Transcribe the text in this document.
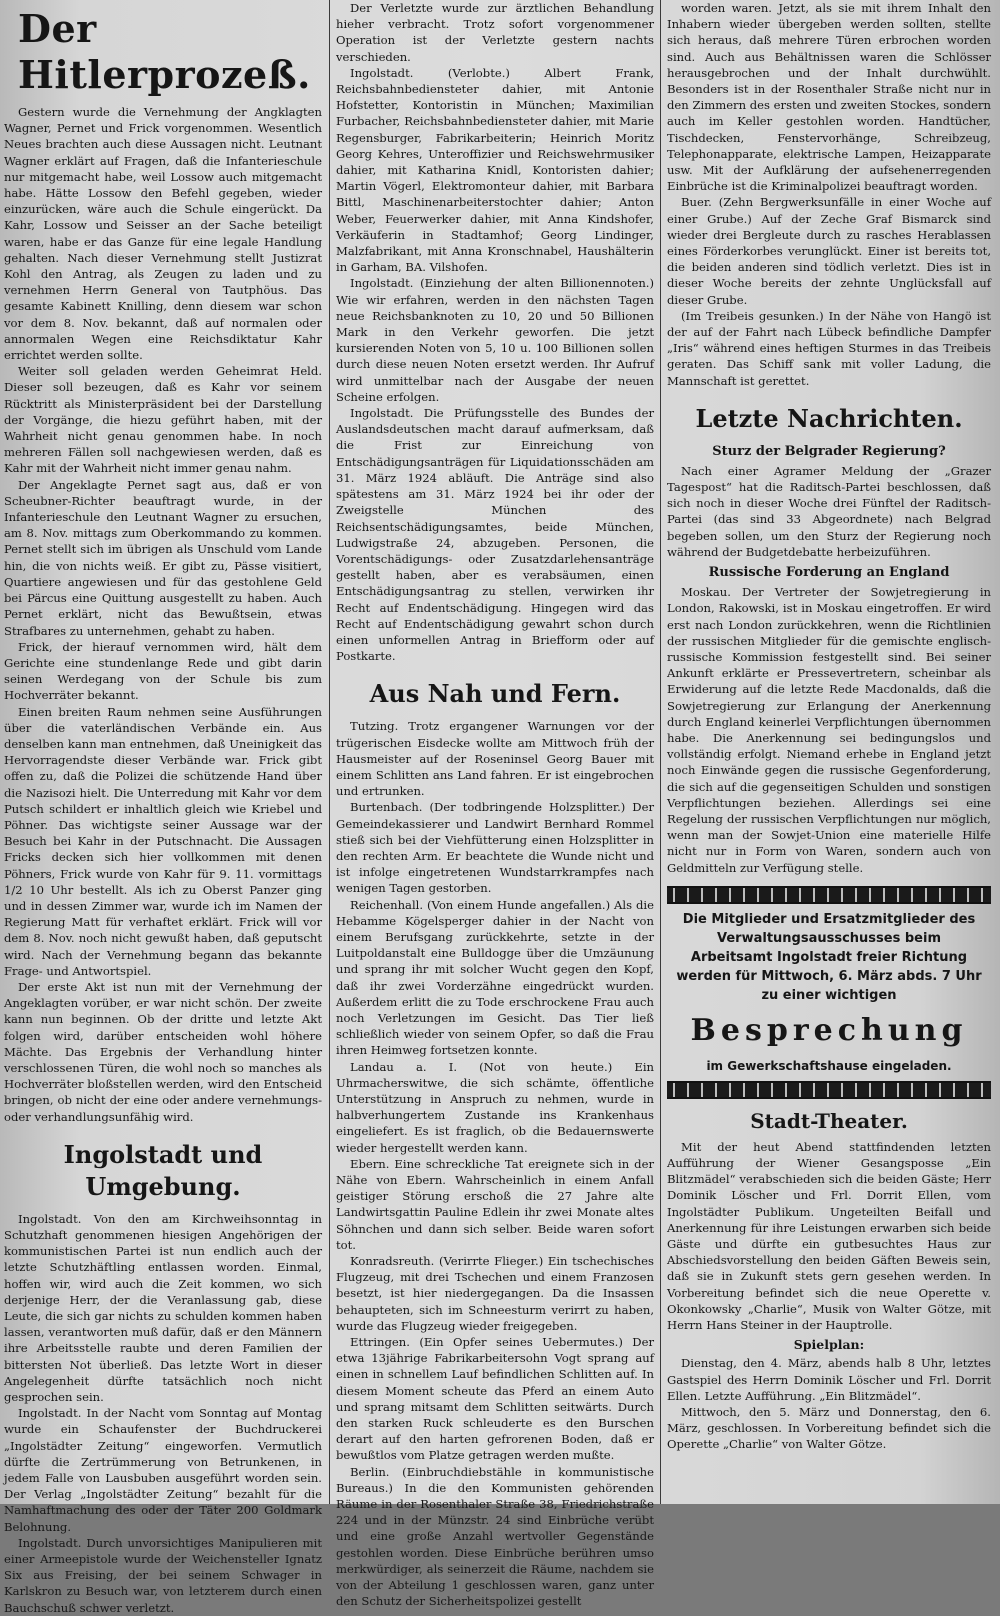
Der Hitlerprozeß.

Gestern wurde die Vernehmung der Angklagten Wagner, Pernet und Frick vorgenommen. Wesentlich Neues brachten auch diese Aussagen nicht. Leutnant Wagner erklärt auf Fragen, daß die Infanterieschule nur mitgemacht habe, weil Lossow auch mitgemacht habe. Hätte Lossow den Befehl gegeben, wieder einzurücken, wäre auch die Schule eingerückt. Da Kahr, Lossow und Seisser an der Sache beteiligt waren, habe er das Ganze für eine legale Handlung gehalten. Nach dieser Vernehmung stellt Justizrat Kohl den Antrag, als Zeugen zu laden und zu vernehmen Herrn General von Tautphöus. Das gesamte Kabinett Knilling, denn diesem war schon vor dem 8. Nov. bekannt, daß auf normalen oder annormalen Wegen eine Reichsdiktatur Kahr errichtet werden sollte.

Weiter soll geladen werden Geheimrat Held. Dieser soll bezeugen, daß es Kahr vor seinem Rücktritt als Ministerpräsident bei der Darstellung der Vorgänge, die hiezu geführt haben, mit der Wahrheit nicht genau genommen habe. In noch mehreren Fällen soll nachgewiesen werden, daß es Kahr mit der Wahrheit nicht immer genau nahm.

Der Angeklagte Pernet sagt aus, daß er von Scheubner-Richter beauftragt wurde, in der Infanterieschule den Leutnant Wagner zu ersuchen, am 8. Nov. mittags zum Oberkommando zu kommen. Pernet stellt sich im übrigen als Unschuld vom Lande hin, die von nichts weiß. Er gibt zu, Pässe visitiert, Quartiere angewiesen und für das gestohlene Geld bei Pärcus eine Quittung ausgestellt zu haben. Auch Pernet erklärt, nicht das Bewußtsein, etwas Strafbares zu unternehmen, gehabt zu haben.

Frick, der hierauf vernommen wird, hält dem Gerichte eine stundenlange Rede und gibt darin seinen Werdegang von der Schule bis zum Hochverräter bekannt.

Einen breiten Raum nehmen seine Ausführungen über die vaterländischen Verbände ein. Aus denselben kann man entnehmen, daß Uneinigkeit das Hervorragendste dieser Verbände war. Frick gibt offen zu, daß die Polizei die schützende Hand über die Nazisozi hielt. Die Unterredung mit Kahr vor dem Putsch schildert er inhaltlich gleich wie Kriebel und Pöhner. Das wichtigste seiner Aussage war der Besuch bei Kahr in der Putschnacht. Die Aussagen Fricks decken sich hier vollkommen mit denen Pöhners, Frick wurde von Kahr für 9. 11. vormittags 1/2 10 Uhr bestellt. Als ich zu Oberst Panzer ging und in dessen Zimmer war, wurde ich im Namen der Regierung Matt für verhaftet erklärt. Frick will vor dem 8. Nov. noch nicht gewußt haben, daß geputscht wird. Nach der Vernehmung begann das bekannte Frage- und Antwortspiel.

Der erste Akt ist nun mit der Vernehmung der Angeklagten vorüber, er war nicht schön. Der zweite kann nun beginnen. Ob der dritte und letzte Akt folgen wird, darüber entscheiden wohl höhere Mächte. Das Ergebnis der Verhandlung hinter verschlossenen Türen, die wohl noch so manches als Hochverräter bloßstellen werden, wird den Entscheid bringen, ob nicht der eine oder andere vernehmungs- oder verhandlungsunfähig wird.

Ingolstadt und Umgebung.

Ingolstadt. Von den am Kirchweihsonntag in Schutzhaft genommenen hiesigen Angehörigen der kommunistischen Partei ist nun endlich auch der letzte Schutzhäftling entlassen worden. Einmal, hoffen wir, wird auch die Zeit kommen, wo sich derjenige Herr, der die Veranlassung gab, diese Leute, die sich gar nichts zu schulden kommen haben lassen, verantworten muß dafür, daß er den Männern ihre Arbeitsstelle raubte und deren Familien der bittersten Not überließ. Das letzte Wort in dieser Angelegenheit dürfte tatsächlich noch nicht gesprochen sein.

Ingolstadt. In der Nacht vom Sonntag auf Montag wurde ein Schaufenster der Buchdruckerei „Ingolstädter Zeitung“ eingeworfen. Vermutlich dürfte die Zertrümmerung von Betrunkenen, in jedem Falle von Lausbuben ausgeführt worden sein. Der Verlag „Ingolstädter Zeitung“ bezahlt für die Namhaftmachung des oder der Täter 200 Goldmark Belohnung.

Ingolstadt. Durch unvorsichtiges Manipulieren mit einer Armeepistole wurde der Weichensteller Ignatz Six aus Freising, der bei seinem Schwager in Karlskron zu Besuch war, von letzterem durch einen Bauchschuß schwer verletzt.

Der Verletzte wurde zur ärztlichen Behandlung hieher verbracht. Trotz sofort vorgenommener Operation ist der Verletzte gestern nachts verschieden.

Ingolstadt. (Verlobte.) Albert Frank, Reichsbahnbediensteter dahier, mit Antonie Hofstetter, Kontoristin in München; Maximilian Furbacher, Reichsbahnbediensteter dahier, mit Marie Regensburger, Fabrikarbeiterin; Heinrich Moritz Georg Kehres, Unteroffizier und Reichswehrmusiker dahier, mit Katharina Knidl, Kontoristen dahier; Martin Vögerl, Elektromonteur dahier, mit Barbara Bittl, Maschinenarbeiterstochter dahier; Anton Weber, Feuerwerker dahier, mit Anna Kindshofer, Verkäuferin in Stadtamhof; Georg Lindinger, Malzfabrikant, mit Anna Kronschnabel, Haushälterin in Garham, BA. Vilshofen.

Ingolstadt. (Einziehung der alten Billionennoten.) Wie wir erfahren, werden in den nächsten Tagen neue Reichsbanknoten zu 10, 20 und 50 Billionen Mark in den Verkehr geworfen. Die jetzt kursierenden Noten von 5, 10 u. 100 Billionen sollen durch diese neuen Noten ersetzt werden. Ihr Aufruf wird unmittelbar nach der Ausgabe der neuen Scheine erfolgen.

Ingolstadt. Die Prüfungsstelle des Bundes der Auslandsdeutschen macht darauf aufmerksam, daß die Frist zur Einreichung von Entschädigungsanträgen für Liquidationsschäden am 31. März 1924 abläuft. Die Anträge sind also spätestens am 31. März 1924 bei ihr oder der Zweigstelle München des Reichsentschädigungsamtes, beide München, Ludwigstraße 24, abzugeben. Personen, die Vorentschädigungs- oder Zusatzdarlehensanträge gestellt haben, aber es verabsäumen, einen Entschädigungsantrag zu stellen, verwirken ihr Recht auf Endentschädigung. Hingegen wird das Recht auf Endentschädigung gewahrt schon durch einen unformellen Antrag in Briefform oder auf Postkarte.

Aus Nah und Fern.

Tutzing. Trotz ergangener Warnungen vor der trügerischen Eisdecke wollte am Mittwoch früh der Hausmeister auf der Roseninsel Georg Bauer mit einem Schlitten ans Land fahren. Er ist eingebrochen und ertrunken.

Burtenbach. (Der todbringende Holzsplitter.) Der Gemeindekassierer und Landwirt Bernhard Rommel stieß sich bei der Viehfütterung einen Holzsplitter in den rechten Arm. Er beachtete die Wunde nicht und ist infolge eingetretenen Wundstarrkrampfes nach wenigen Tagen gestorben.

Reichenhall. (Von einem Hunde angefallen.) Als die Hebamme Kögelsperger dahier in der Nacht von einem Berufsgang zurückkehrte, setzte in der Luitpoldanstalt eine Bulldogge über die Umzäunung und sprang ihr mit solcher Wucht gegen den Kopf, daß ihr zwei Vorderzähne eingedrückt wurden. Außerdem erlitt die zu Tode erschrockene Frau auch noch Verletzungen im Gesicht. Das Tier ließ schließlich wieder von seinem Opfer, so daß die Frau ihren Heimweg fortsetzen konnte.

Landau a. I. (Not von heute.) Ein Uhrmacherswitwe, die sich schämte, öffentliche Unterstützung in Anspruch zu nehmen, wurde in halbverhungertem Zustande ins Krankenhaus eingeliefert. Es ist fraglich, ob die Bedauernswerte wieder hergestellt werden kann.

Ebern. Eine schreckliche Tat ereignete sich in der Nähe von Ebern. Wahrscheinlich in einem Anfall geistiger Störung erschoß die 27 Jahre alte Landwirtsgattin Pauline Edlein ihr zwei Monate altes Söhnchen und dann sich selber. Beide waren sofort tot.

Konradsreuth. (Verirrte Flieger.) Ein tschechisches Flugzeug, mit drei Tschechen und einem Franzosen besetzt, ist hier niedergegangen. Da die Insassen behaupteten, sich im Schneesturm verirrt zu haben, wurde das Flugzeug wieder freigegeben.

Ettringen. (Ein Opfer seines Uebermutes.) Der etwa 13jährige Fabrikarbeitersohn Vogt sprang auf einen in schnellem Lauf befindlichen Schlitten auf. In diesem Moment scheute das Pferd an einem Auto und sprang mitsamt dem Schlitten seitwärts. Durch den starken Ruck schleuderte es den Burschen derart auf den harten gefrorenen Boden, daß er bewußtlos vom Platze getragen werden mußte.

Berlin. (Einbruchdiebstähle in kommunistische Bureaus.) In die den Kommunisten gehörenden Räume in der Rosenthaler Straße 38, Friedrichstraße 224 und in der Münzstr. 24 sind Einbrüche verübt und eine große Anzahl wertvoller Gegenstände gestohlen worden. Diese Einbrüche berühren umso merkwürdiger, als seinerzeit die Räume, nachdem sie von der Abteilung 1 geschlossen waren, ganz unter den Schutz der Sicherheitspolizei gestellt

worden waren. Jetzt, als sie mit ihrem Inhalt den Inhabern wieder übergeben werden sollten, stellte sich heraus, daß mehrere Türen erbrochen worden sind. Auch aus Behältnissen waren die Schlösser herausgebrochen und der Inhalt durchwühlt. Besonders ist in der Rosenthaler Straße nicht nur in den Zimmern des ersten und zweiten Stockes, sondern auch im Keller gestohlen worden. Handtücher, Tischdecken, Fenstervorhänge, Schreibzeug, Telephonapparate, elektrische Lampen, Heizapparate usw. Mit der Aufklärung der aufsehenerregenden Einbrüche ist die Kriminalpolizei beauftragt worden.

Buer. (Zehn Bergwerksunfälle in einer Woche auf einer Grube.) Auf der Zeche Graf Bismarck sind wieder drei Bergleute durch zu rasches Herablassen eines Förderkorbes verunglückt. Einer ist bereits tot, die beiden anderen sind tödlich verletzt. Dies ist in dieser Woche bereits der zehnte Unglücksfall auf dieser Grube.

(Im Treibeis gesunken.) In der Nähe von Hangö ist der auf der Fahrt nach Lübeck befindliche Dampfer „Iris“ während eines heftigen Sturmes in das Treibeis geraten. Das Schiff sank mit voller Ladung, die Mannschaft ist gerettet.

Letzte Nachrichten.
Sturz der Belgrader Regierung?

Nach einer Agramer Meldung der „Grazer Tagespost“ hat die Raditsch-Partei beschlossen, daß sich noch in dieser Woche drei Fünftel der Raditsch-Partei (das sind 33 Abgeordnete) nach Belgrad begeben sollen, um den Sturz der Regierung noch während der Budgetdebatte herbeizuführen.

Russische Forderung an England

Moskau. Der Vertreter der Sowjetregierung in London, Rakowski, ist in Moskau eingetroffen. Er wird erst nach London zurückkehren, wenn die Richtlinien der russischen Mitglieder für die gemischte englisch-russische Kommission festgestellt sind. Bei seiner Ankunft erklärte er Pressevertretern, scheinbar als Erwiderung auf die letzte Rede Macdonalds, daß die Sowjetregierung zur Erlangung der Anerkennung durch England keinerlei Verpflichtungen übernommen habe. Die Anerkennung sei bedingungslos und vollständig erfolgt. Niemand erhebe in England jetzt noch Einwände gegen die russische Gegenforderung, die sich auf die gegenseitigen Schulden und sonstigen Verpflichtungen beziehen. Allerdings sei eine Regelung der russischen Verpflichtungen nur möglich, wenn man der Sowjet-Union eine materielle Hilfe nicht nur in Form von Waren, sondern auch von Geldmitteln zur Verfügung stelle.

Die Mitglieder und Ersatzmitglieder des Verwaltungsausschusses beim Arbeitsamt Ingolstadt freier Richtung werden für Mittwoch, 6. März abds. 7 Uhr zu einer wichtigen
Besprechung
im Gewerkschaftshause eingeladen.
Stadt-Theater.

Mit der heut Abend stattfindenden letzten Aufführung der Wiener Gesangsposse „Ein Blitzmädel“ verabschieden sich die beiden Gäste; Herr Dominik Löscher und Frl. Dorrit Ellen, vom Ingolstädter Publikum. Ungeteilten Beifall und Anerkennung für ihre Leistungen erwarben sich beide Gäste und dürfte ein gutbesuchtes Haus zur Abschiedsvorstellung den beiden Gäften Beweis sein, daß sie in Zukunft stets gern gesehen werden. In Vorbereitung befindet sich die neue Operette v. Okonkowsky „Charlie“, Musik von Walter Götze, mit Herrn Hans Steiner in der Hauptrolle.

Spielplan:

Dienstag, den 4. März, abends halb 8 Uhr, letztes Gastspiel des Herrn Dominik Löscher und Frl. Dorrit Ellen. Letzte Aufführung. „Ein Blitzmädel“.

Mittwoch, den 5. März und Donnerstag, den 6. März, geschlossen. In Vorbereitung befindet sich die Operette „Charlie“ von Walter Götze.
